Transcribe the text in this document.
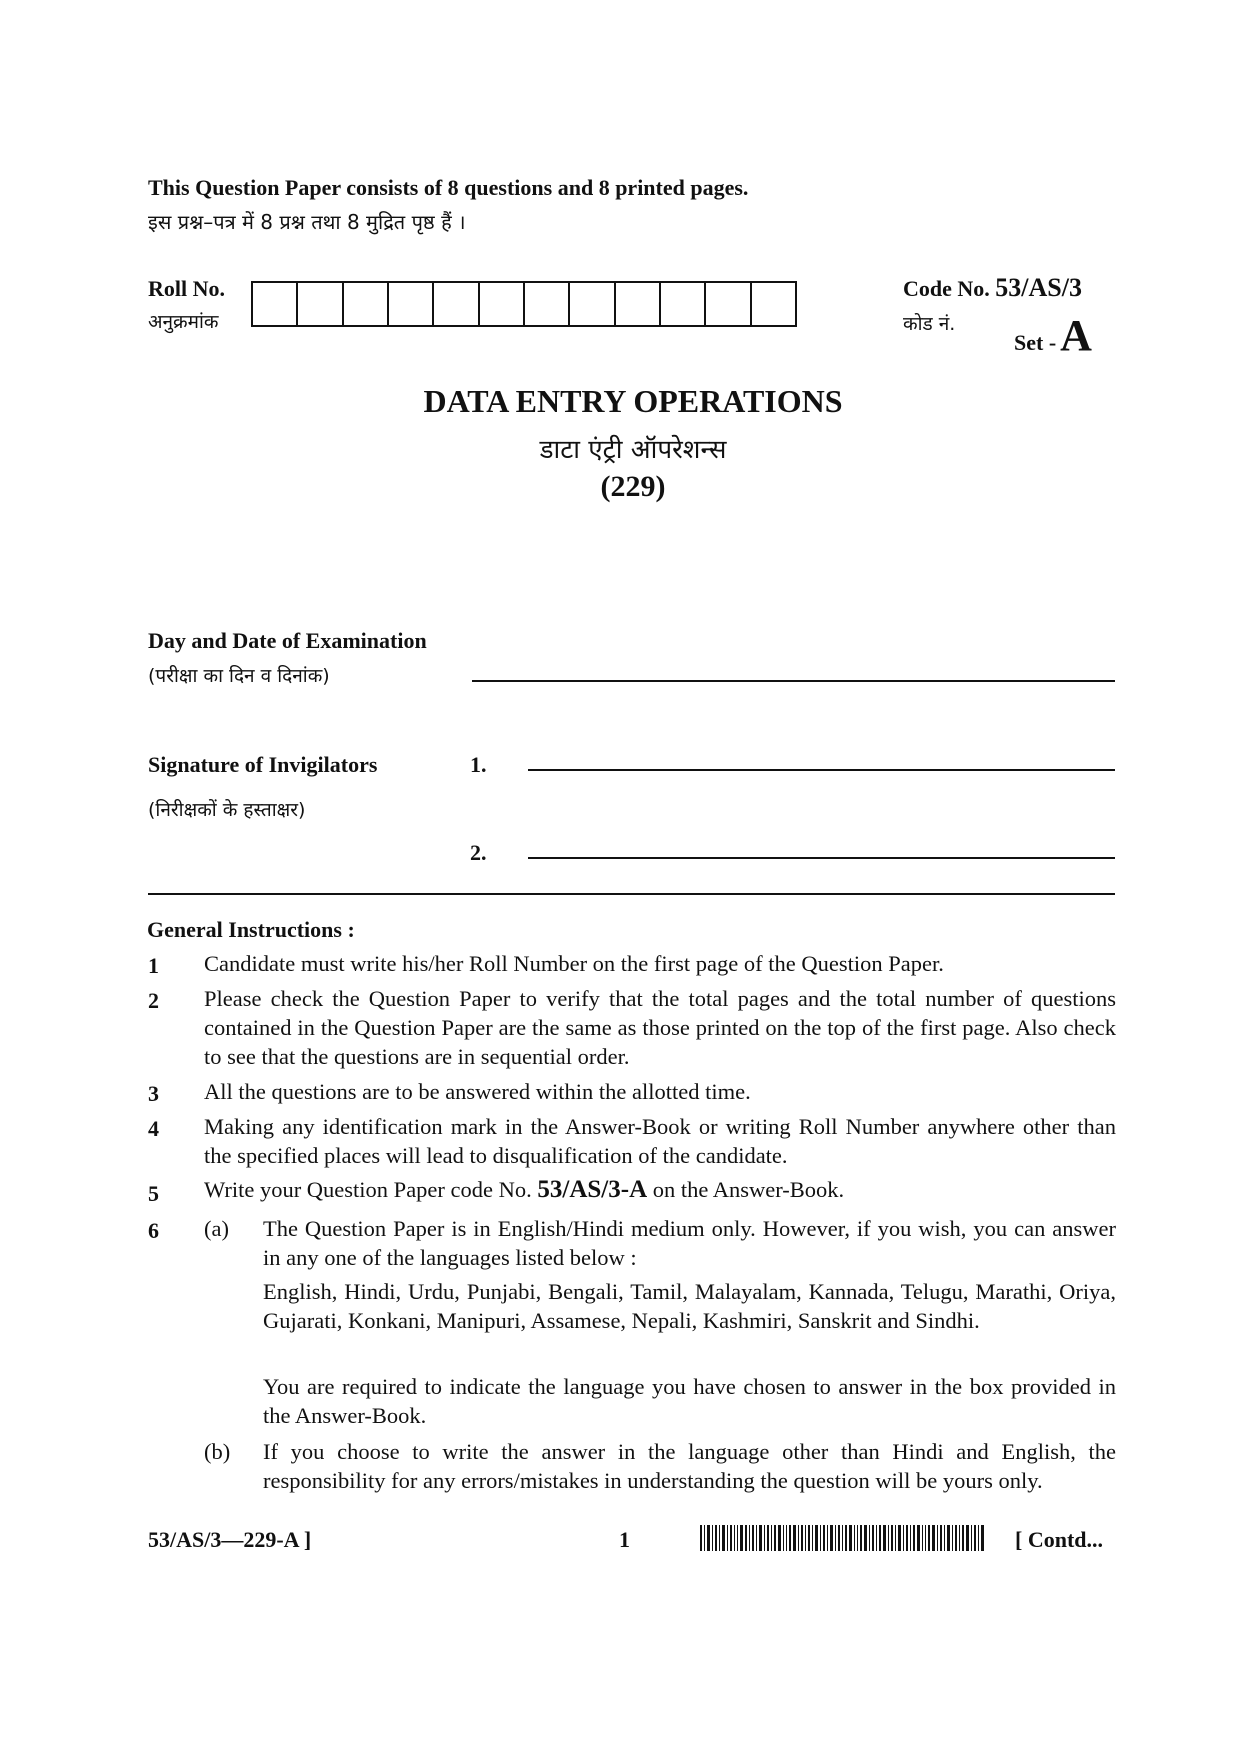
This Question Paper consists of 8 questions and 8 printed pages.
इस प्रश्न–पत्र में 8 प्रश्न तथा 8 मुद्रित पृष्ठ हैं ।
Roll No.
अनुक्रमांक
Code No. 53/AS/3
कोड नं.
Set - A
DATA ENTRY OPERATIONS
डाटा एंट्री ऑपरेशन्स
(229)
Day and Date of Examination
(परीक्षा का दिन व दिनांक)
Signature of Invigilators
(निरीक्षकों के हस्ताक्षर)
1.
2.
General Instructions :
1 Candidate must write his/her Roll Number on the first page of the Question Paper.
2 Please check the Question Paper to verify that the total pages and the total number of questions contained in the Question Paper are the same as those printed on the top of the first page. Also check to see that the questions are in sequential order.
3 All the questions are to be answered within the allotted time.
4 Making any identification mark in the Answer-Book or writing Roll Number anywhere other than the specified places will lead to disqualification of the candidate.
5 Write your Question Paper code No. 53/AS/3-A on the Answer-Book.
6 (a) The Question Paper is in English/Hindi medium only. However, if you wish, you can answer in any one of the languages listed below :
English, Hindi, Urdu, Punjabi, Bengali, Tamil, Malayalam, Kannada, Telugu, Marathi, Oriya, Gujarati, Konkani, Manipuri, Assamese, Nepali, Kashmiri, Sanskrit and Sindhi.
You are required to indicate the language you have chosen to answer in the box provided in the Answer-Book.
(b) If you choose to write the answer in the language other than Hindi and English, the responsibility for any errors/mistakes in understanding the question will be yours only.
53/AS/3—229-A ]	1	[ Contd...
